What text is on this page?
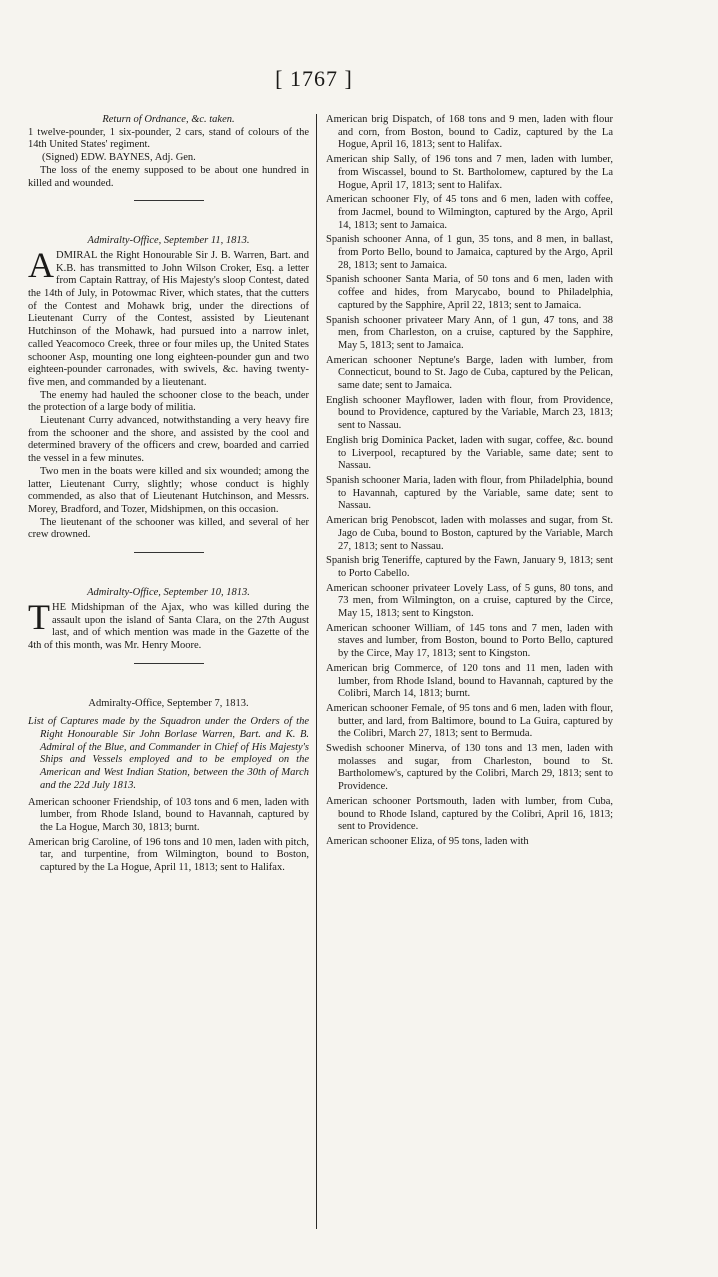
[ 1767 ]

Return of Ordnance, &c. taken.

1 twelve-pounder, 1 six-pounder, 2 cars, stand of colours of the 14th United States' regiment.

(Signed) EDW. BAYNES, Adj. Gen.

The loss of the enemy supposed to be about one hundred in killed and wounded.

Admiralty-Office, September 11, 1813.

ADMIRAL the Right Honourable Sir J. B. Warren, Bart. and K.B. has transmitted to John Wilson Croker, Esq. a letter from Captain Rattray, of His Majesty's sloop Contest, dated the 14th of July, in Potowmac River, which states, that the cutters of the Contest and Mohawk brig, under the directions of Lieutenant Curry of the Contest, assisted by Lieutenant Hutchinson of the Mohawk, had pursued into a narrow inlet, called Yeacomoco Creek, three or four miles up, the United States schooner Asp, mounting one long eighteen-pounder gun and two eighteen-pounder carronades, with swivels, &c. having twenty-five men, and commanded by a lieutenant.

The enemy had hauled the schooner close to the beach, under the protection of a large body of militia.

Lieutenant Curry advanced, notwithstanding a very heavy fire from the schooner and the shore, and assisted by the cool and determined bravery of the officers and crew, boarded and carried the vessel in a few minutes.

Two men in the boats were killed and six wounded; among the latter, Lieutenant Curry, slightly; whose conduct is highly commended, as also that of Lieutenant Hutchinson, and Messrs. Morey, Bradford, and Tozer, Midshipmen, on this occasion.

The lieutenant of the schooner was killed, and several of her crew drowned.

Admiralty-Office, September 10, 1813.

THE Midshipman of the Ajax, who was killed during the assault upon the island of Santa Clara, on the 27th August last, and of which mention was made in the Gazette of the 4th of this month, was Mr. Henry Moore.

Admiralty-Office, September 7, 1813.

List of Captures made by the Squadron under the Orders of the Right Honourable Sir John Borlase Warren, Bart. and K. B. Admiral of the Blue, and Commander in Chief of His Majesty's Ships and Vessels employed and to be employed on the American and West Indian Station, between the 30th of March and the 22d July 1813.

American schooner Friendship, of 103 tons and 6 men, laden with lumber, from Rhode Island, bound to Havannah, captured by the La Hogue, March 30, 1813; burnt.

American brig Caroline, of 196 tons and 10 men, laden with pitch, tar, and turpentine, from Wilmington, bound to Boston, captured by the La Hogue, April 11, 1813; sent to Halifax.

American brig Dispatch, of 168 tons and 9 men, laden with flour and corn, from Boston, bound to Cadiz, captured by the La Hogue, April 16, 1813; sent to Halifax.

American ship Sally, of 196 tons and 7 men, laden with lumber, from Wiscassel, bound to St. Bartholomew, captured by the La Hogue, April 17, 1813; sent to Halifax.

American schooner Fly, of 45 tons and 6 men, laden with coffee, from Jacmel, bound to Wilmington, captured by the Argo, April 14, 1813; sent to Jamaica.

Spanish schooner Anna, of 1 gun, 35 tons, and 8 men, in ballast, from Porto Bello, bound to Jamaica, captured by the Argo, April 28, 1813; sent to Jamaica.

Spanish schooner Santa Maria, of 50 tons and 6 men, laden with coffee and hides, from Marycabo, bound to Philadelphia, captured by the Sapphire, April 22, 1813; sent to Jamaica.

Spanish schooner privateer Mary Ann, of 1 gun, 47 tons, and 38 men, from Charleston, on a cruise, captured by the Sapphire, May 5, 1813; sent to Jamaica.

American schooner Neptune's Barge, laden with lumber, from Connecticut, bound to St. Jago de Cuba, captured by the Pelican, same date; sent to Jamaica.

English schooner Mayflower, laden with flour, from Providence, bound to Providence, captured by the Variable, March 23, 1813; sent to Nassau.

English brig Dominica Packet, laden with sugar, coffee, &c. bound to Liverpool, recaptured by the Variable, same date; sent to Nassau.

Spanish schooner Maria, laden with flour, from Philadelphia, bound to Havannah, captured by the Variable, same date; sent to Nassau.

American brig Penobscot, laden with molasses and sugar, from St. Jago de Cuba, bound to Boston, captured by the Variable, March 27, 1813; sent to Nassau.

Spanish brig Teneriffe, captured by the Fawn, January 9, 1813; sent to Porto Cabello.

American schooner privateer Lovely Lass, of 5 guns, 80 tons, and 73 men, from Wilmington, on a cruise, captured by the Circe, May 15, 1813; sent to Kingston.

American schooner William, of 145 tons and 7 men, laden with staves and lumber, from Boston, bound to Porto Bello, captured by the Circe, May 17, 1813; sent to Kingston.

American brig Commerce, of 120 tons and 11 men, laden with lumber, from Rhode Island, bound to Havannah, captured by the Colibri, March 14, 1813; burnt.

American schooner Female, of 95 tons and 6 men, laden with flour, butter, and lard, from Baltimore, bound to La Guira, captured by the Colibri, March 27, 1813; sent to Bermuda.

Swedish schooner Minerva, of 130 tons and 13 men, laden with molasses and sugar, from Charleston, bound to St. Bartholomew's, captured by the Colibri, March 29, 1813; sent to Providence.

American schooner Portsmouth, laden with lumber, from Cuba, bound to Rhode Island, captured by the Colibri, April 16, 1813; sent to Providence.

American schooner Eliza, of 95 tons, laden with
